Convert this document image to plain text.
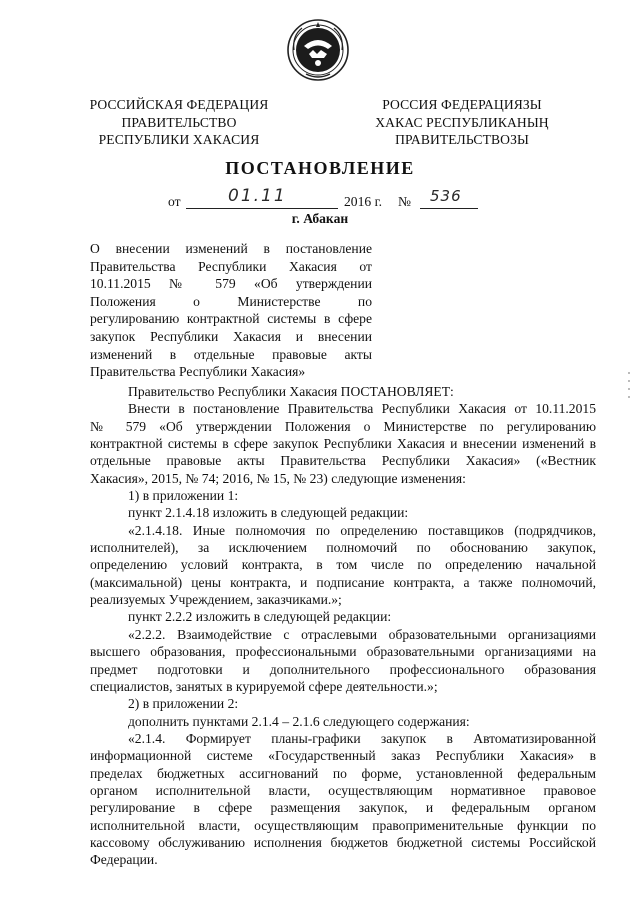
РОССИЙСКАЯ ФЕДЕРАЦИЯ
ПРАВИТЕЛЬСТВО
РЕСПУБЛИКИ ХАКАСИЯ
РОССИЯ ФЕДЕРАЦИЯЗЫ
ХАКАС РЕСПУБЛИКАНЫҢ
ПРАВИТЕЛЬСТВОЗЫ
ПОСТАНОВЛЕНИЕ
от	01.11	2016 г. № 536
г. Абакан
О внесении изменений в постановление
Правительства Республики Хакасия от
10.11.2015 № 579 «Об утверждении
Положения о Министерстве по
регулированию контрактной системы в сфере
закупок Республики Хакасия и внесении
изменений в отдельные правовые акты
Правительства Республики Хакасия»
Правительство Республики Хакасия ПОСТАНОВЛЯЕТ:
Внести в постановление Правительства Республики Хакасия от 10.11.2015
№ 579 «Об утверждении Положения о Министерстве по регулированию
контрактной системы в сфере закупок Республики Хакасия и внесении изменений в
отдельные правовые акты Правительства Республики Хакасия» («Вестник
Хакасия», 2015, № 74; 2016, № 15, № 23) следующие изменения:
1) в приложении 1:
пункт 2.1.4.18 изложить в следующей редакции:
«2.1.4.18. Иные полномочия по определению поставщиков (подрядчиков,
исполнителей), за исключением полномочий по обоснованию закупок,
определению условий контракта, в том числе по определению начальной
(максимальной) цены контракта, и подписание контракта, а также полномочий,
реализуемых Учреждением, заказчиками.»;
пункт 2.2.2 изложить в следующей редакции:
«2.2.2. Взаимодействие с отраслевыми образовательными организациями
высшего образования, профессиональными образовательными организациями на
предмет подготовки и дополнительного профессионального образования
специалистов, занятых в курируемой сфере деятельности.»;
2) в приложении 2:
дополнить пунктами 2.1.4 – 2.1.6 следующего содержания:
«2.1.4. Формирует планы-графики закупок в Автоматизированной
информационной системе «Государственный заказ Республики Хакасия» в
пределах бюджетных ассигнований по форме, установленной федеральным
органом исполнительной власти, осуществляющим нормативное правовое
регулирование в сфере размещения закупок, и федеральным органом
исполнительной власти, осуществляющим правоприменительные функции по
кассовому обслуживанию исполнения бюджетов бюджетной системы Российской
Федерации.
